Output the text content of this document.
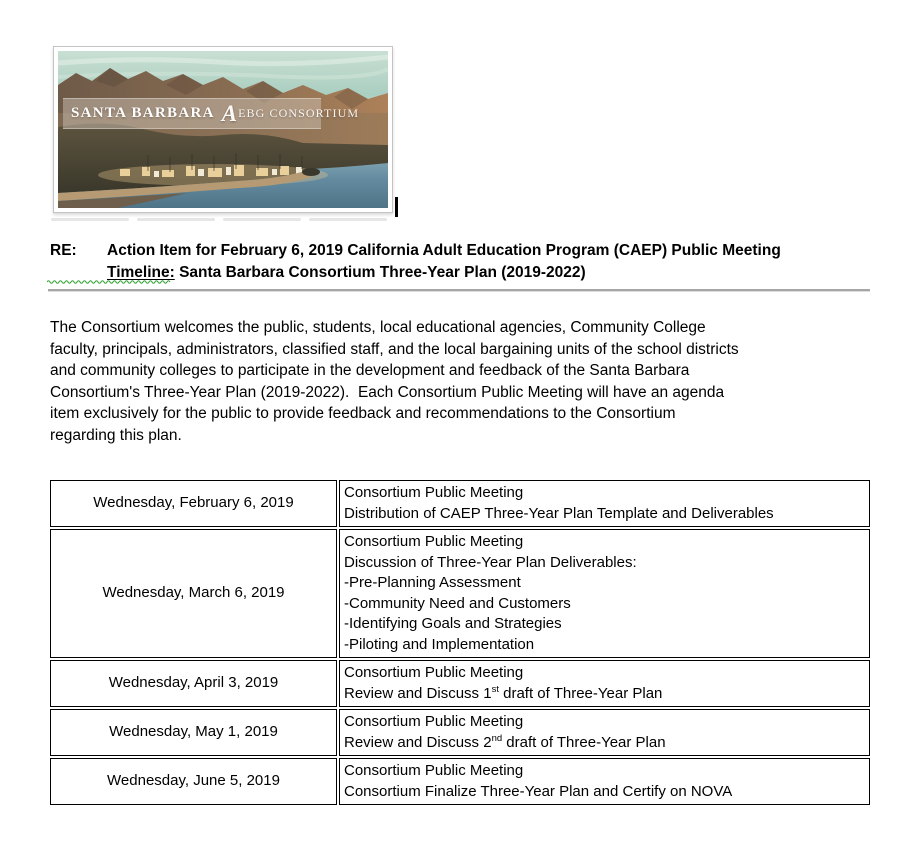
SANTA BARBARA A EBG CONSORTIUM
RE:	Action Item for February 6, 2019 California Adult Education Program (CAEP) Public Meeting
Timeline: Santa Barbara Consortium Three-Year Plan (2019-2022)
The Consortium welcomes the public, students, local educational agencies, Community College
faculty, principals, administrators, classified staff, and the local bargaining units of the school districts
and community colleges to participate in the development and feedback of the Santa Barbara
Consortium's Three-Year Plan (2019-2022).  Each Consortium Public Meeting will have an agenda
item exclusively for the public to provide feedback and recommendations to the Consortium
regarding this plan.
Wednesday, February 6, 2019	Consortium Public Meeting
Distribution of CAEP Three-Year Plan Template and Deliverables

Wednesday, March 6, 2019	
Consortium Public Meeting
Discussion of Three-Year Plan Deliverables:
-Pre-Planning Assessment
-Community Need and Customers
-Identifying Goals and Strategies
-Piloting and Implementation

Wednesday, April 3, 2019	Consortium Public Meeting
Review and Discuss 1st draft of Three-Year Plan

Wednesday, May 1, 2019	Consortium Public Meeting
Review and Discuss 2nd draft of Three-Year Plan

Wednesday, June 5, 2019	Consortium Public Meeting
Consortium Finalize Three-Year Plan and Certify on NOVA
